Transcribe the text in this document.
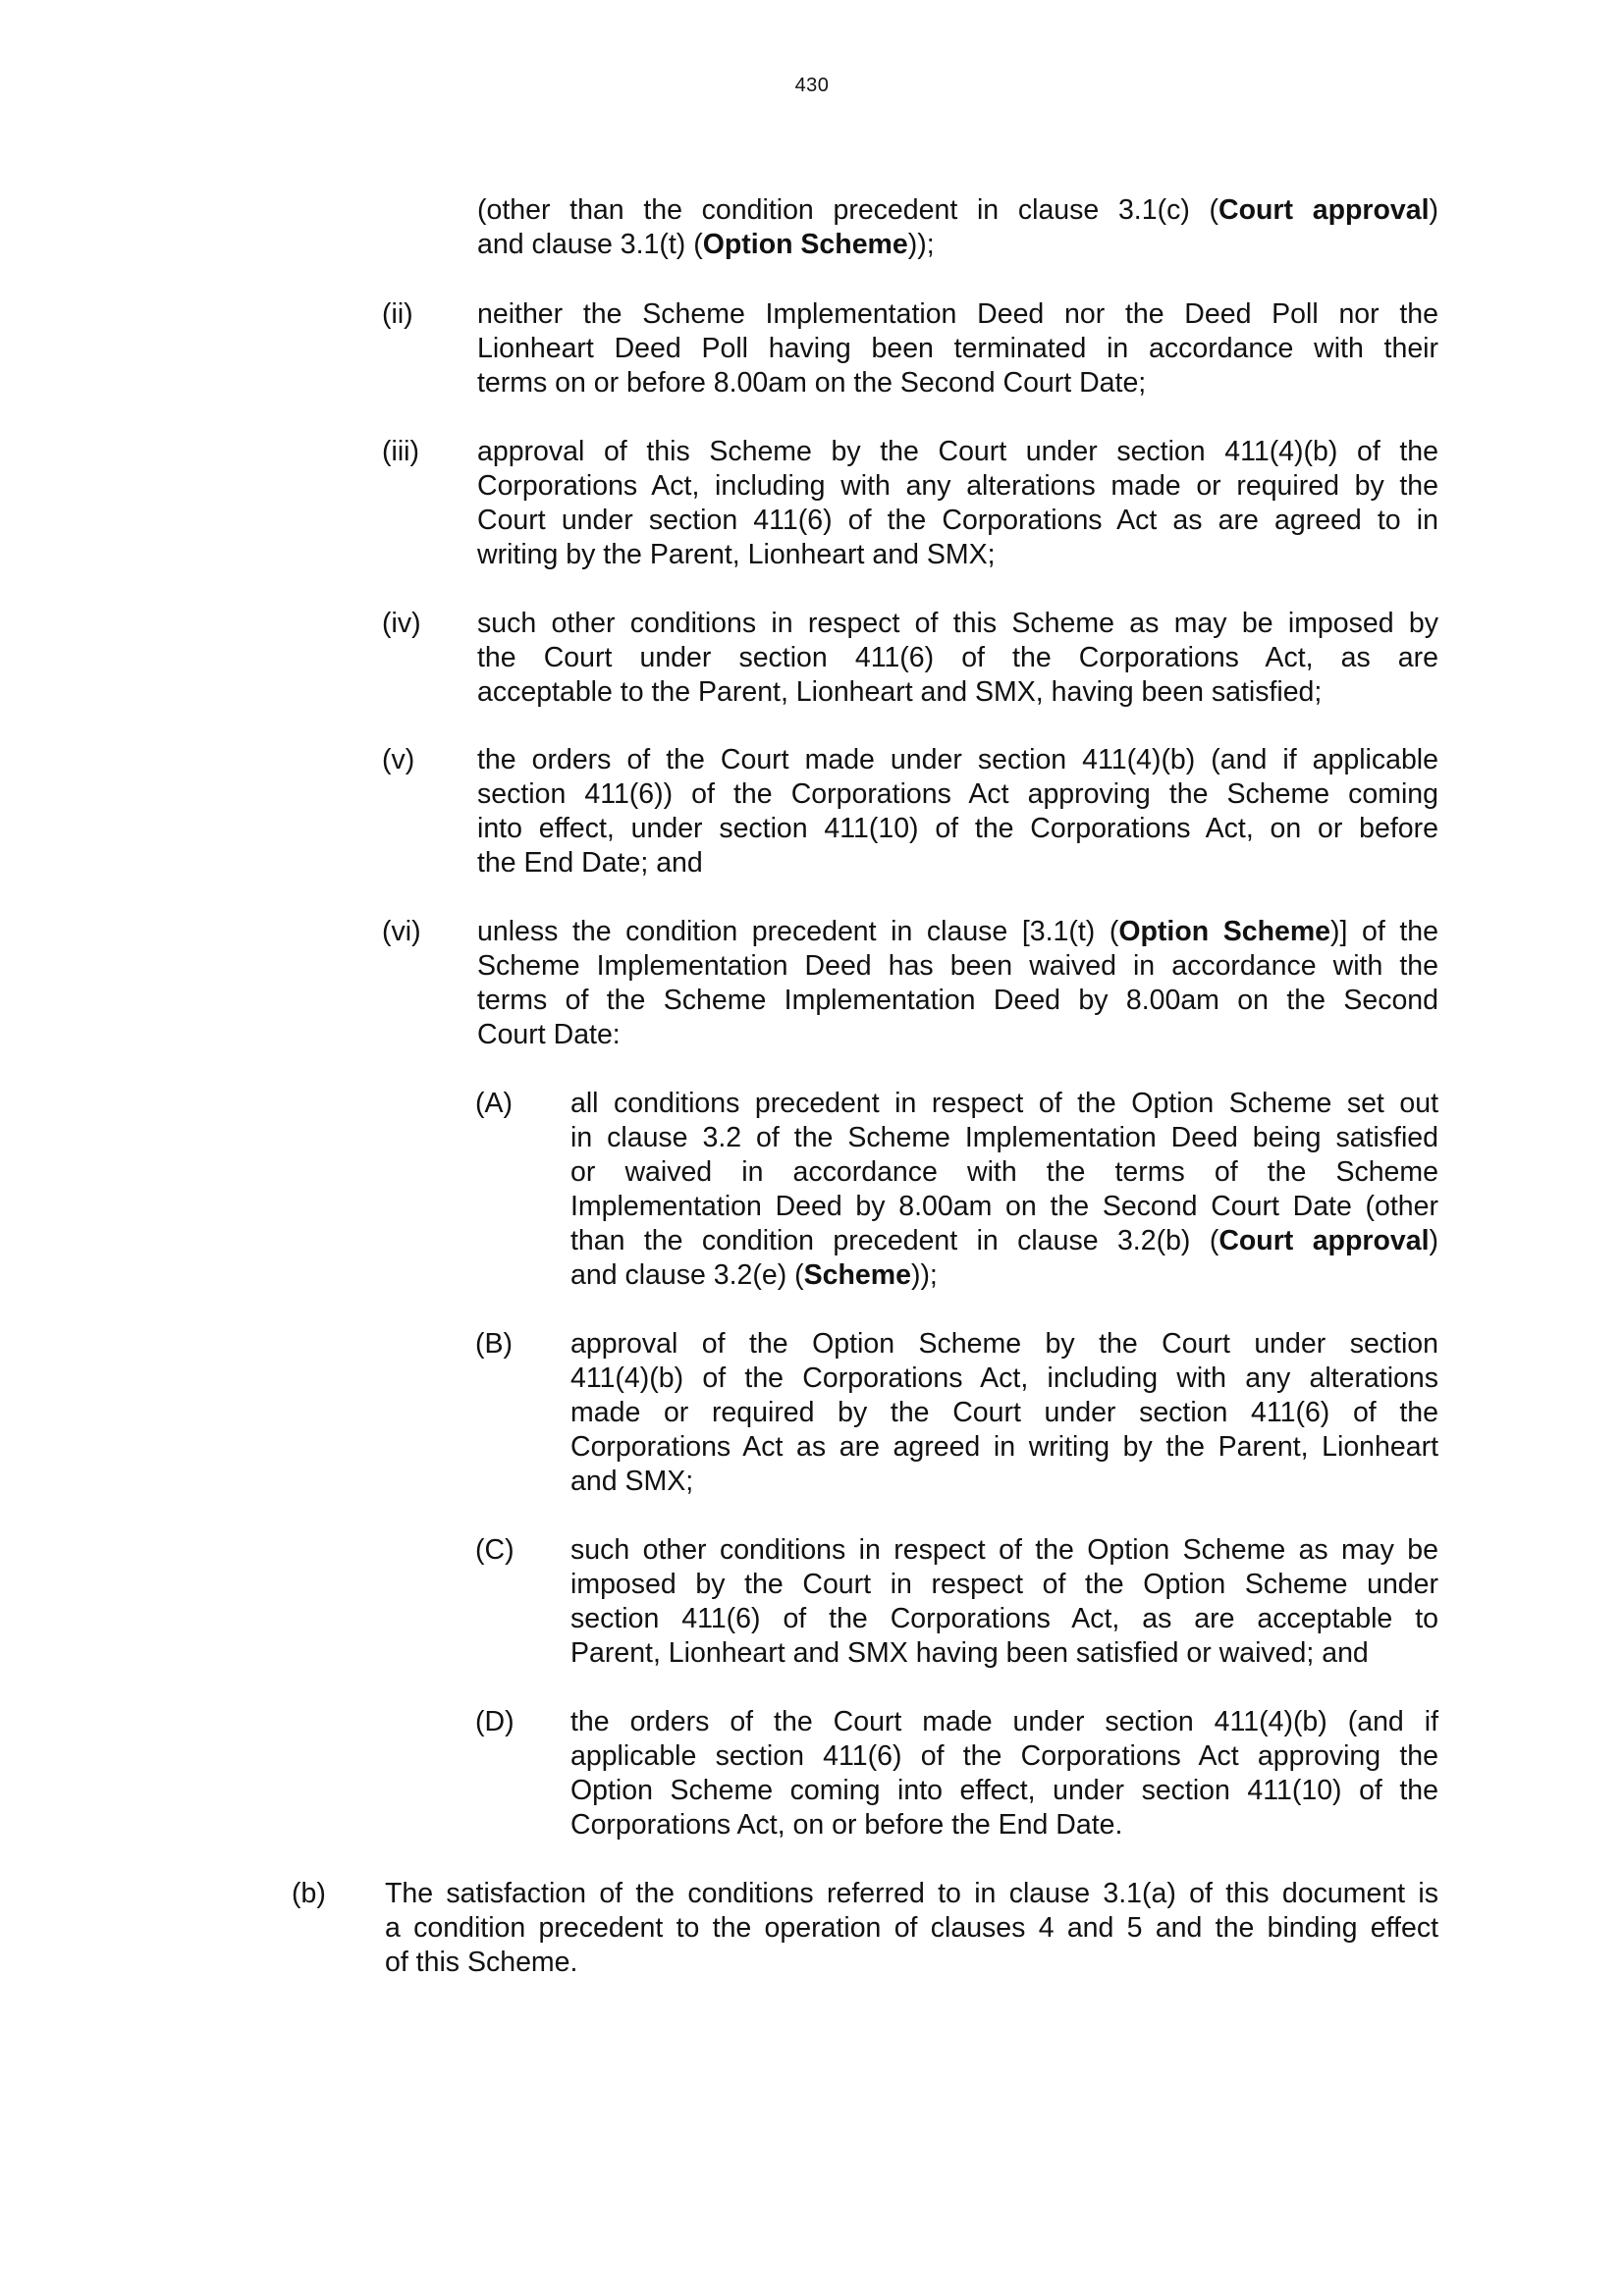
430
(other than the condition precedent in clause 3.1(c) (Court approval)
and clause 3.1(t) (Option Scheme));
(ii) neither the Scheme Implementation Deed nor the Deed Poll nor the
Lionheart Deed Poll having been terminated in accordance with their
terms on or before 8.00am on the Second Court Date;
(iii) approval of this Scheme by the Court under section 411(4)(b) of the
Corporations Act, including with any alterations made or required by the
Court under section 411(6) of the Corporations Act as are agreed to in
writing by the Parent, Lionheart and SMX;
(iv) such other conditions in respect of this Scheme as may be imposed by
the Court under section 411(6) of the Corporations Act, as are
acceptable to the Parent, Lionheart and SMX, having been satisfied;
(v) the orders of the Court made under section 411(4)(b) (and if applicable
section 411(6)) of the Corporations Act approving the Scheme coming
into effect, under section 411(10) of the Corporations Act, on or before
the End Date; and
(vi) unless the condition precedent in clause [3.1(t) (Option Scheme)] of the
Scheme Implementation Deed has been waived in accordance with the
terms of the Scheme Implementation Deed by 8.00am on the Second
Court Date:
(A) all conditions precedent in respect of the Option Scheme set out
in clause 3.2 of the Scheme Implementation Deed being satisfied
or waived in accordance with the terms of the Scheme
Implementation Deed by 8.00am on the Second Court Date (other
than the condition precedent in clause 3.2(b) (Court approval)
and clause 3.2(e) (Scheme));
(B) approval of the Option Scheme by the Court under section
411(4)(b) of the Corporations Act, including with any alterations
made or required by the Court under section 411(6) of the
Corporations Act as are agreed in writing by the Parent, Lionheart
and SMX;
(C) such other conditions in respect of the Option Scheme as may be
imposed by the Court in respect of the Option Scheme under
section 411(6) of the Corporations Act, as are acceptable to
Parent, Lionheart and SMX having been satisfied or waived; and
(D) the orders of the Court made under section 411(4)(b) (and if
applicable section 411(6) of the Corporations Act approving the
Option Scheme coming into effect, under section 411(10) of the
Corporations Act, on or before the End Date.
(b) The satisfaction of the conditions referred to in clause 3.1(a) of this document is
a condition precedent to the operation of clauses 4 and 5 and the binding effect
of this Scheme.
